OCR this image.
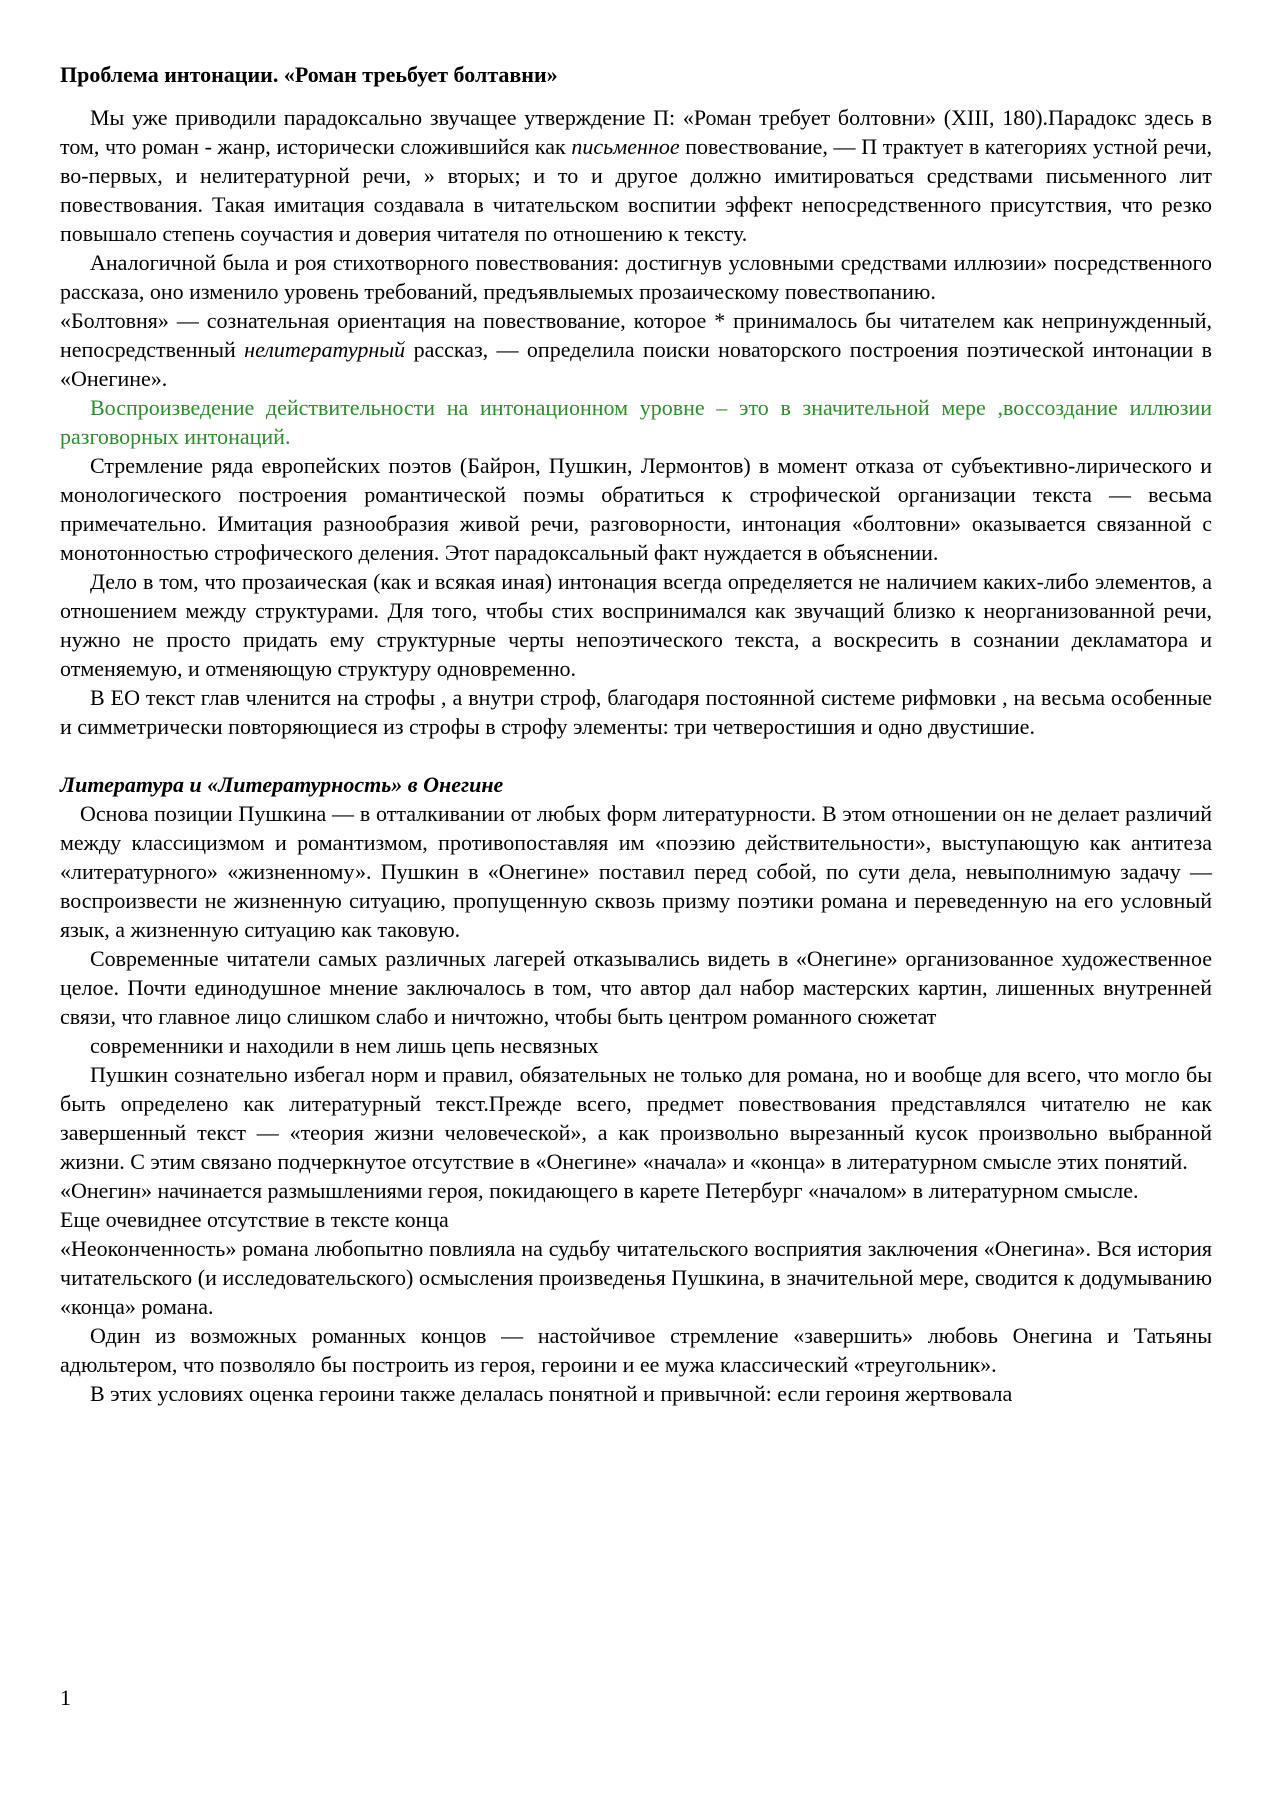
Проблема интонации. «Роман треьбует болтавни»

Мы уже приводили парадоксально звучащее утверждение П: «Роман требует болтовни» (XIII, 180).Парадокс здесь в том, что роман - жанр, исторически сложившийся как письменное повествование, — П трактует в категориях устной речи, во-первых, и нелитературной речи, » вторых; и то и другое должно имитироваться средствами письменного лит повествования. Такая имитация создавала в читательском воспитии эффект непосредственного присутствия, что резко повышало степень соучастия и доверия читателя по отношению к тексту.

Аналогичной была и роя стихотворного повествования: достигнув условными средствами иллюзии» посредственного рассказа, оно изменило уровень требований, предъявлыемых прозаическому повествопанию.

«Болтовня» — сознательная ориентация на повествование, которое * принималось бы читателем как непринужденный, непосредственный нелитературный рассказ, — определила поиски новаторского построения поэтической интонации в «Онегине».

Воспроизведение действительности на интонационном уровне – это в значительной мере ,воссоздание иллюзии разговорных интонаций.

Стремление ряда европейских поэтов (Байрон, Пушкин, Лермонтов) в момент отказа от субъективно-лирического и монологического построения романтической поэмы обратиться к строфической организации текста — весьма примечательно. Имитация разнообразия живой речи, разговорности, интонация «болтовни» оказывается связанной с монотонностью строфического деления. Этот парадоксальный факт нуждается в объяснении.

Дело в том, что прозаическая (как и всякая иная) интонация всегда определяется не наличием каких-либо элементов, а отношением между структурами. Для того, чтобы стих воспринимался как звучащий близко к неорганизованной речи, нужно не просто придать ему структурные черты непоэтического текста, а воскресить в сознании декламатора и отменяемую, и отменяющую структуру одновременно.

В ЕО текст глав членится на строфы , а внутри строф, благодаря постоянной системе рифмовки , на весьма особенные и симметрически повторяющиеся из строфы в строфу элементы: три четверостишия и одно двустишие.

Литература и «Литературность» в Онегине

Основа позиции Пушкина — в отталкивании от любых форм литературности. В этом отношении он не делает различий между классицизмом и романтизмом, противопоставляя им «поэзию действительности», выступающую как антитеза «литературного» «жизненному». Пушкин в «Онегине» поставил перед собой, по сути дела, невыполнимую задачу — воспроизвести не жизненную ситуацию, пропущенную сквозь призму поэтики романа и переведенную на его условный язык, а жизненную ситуацию как таковую.

Современные читатели самых различных лагерей отказывались видеть в «Онегине» организованное художественное целое. Почти единодушное мнение заключалось в том, что автор дал набор мастерских картин, лишенных внутренней связи, что главное лицо слишком слабо и ничтожно, чтобы быть центром романного сюжетат

современники и находили в нем лишь цепь несвязных

Пушкин сознательно избегал норм и правил, обязательных не только для романа, но и вообще для всего, что могло бы быть определено как литературный текст.Прежде всего, предмет повествования представлялся читателю не как завершенный текст — «теория жизни человеческой», а как произвольно вырезанный кусок произвольно выбранной жизни. С этим связано подчеркнутое отсутствие в «Онегине» «начала» и «конца» в литературном смысле этих понятий.

«Онегин» начинается размышлениями героя, покидающего в карете Петербург «началом» в литературном смысле.

Еще очевиднее отсутствие в тексте конца

«Неоконченность» романа любопытно повлияла на судьбу читательского восприятия заключения «Онегина». Вся история читательского (и исследовательского) осмысления произведенья Пушкина, в значительной мере, сводится к додумыванию «конца» романа.

Один из возможных романных концов — настойчивое стремление «завершить» любовь Онегина и Татьяны адюльтером, что позволяло бы построить из героя, героини и ее мужа классический «треугольник».

В этих условиях оценка героини также делалась понятной и привычной: если героиня жертвовала

1
